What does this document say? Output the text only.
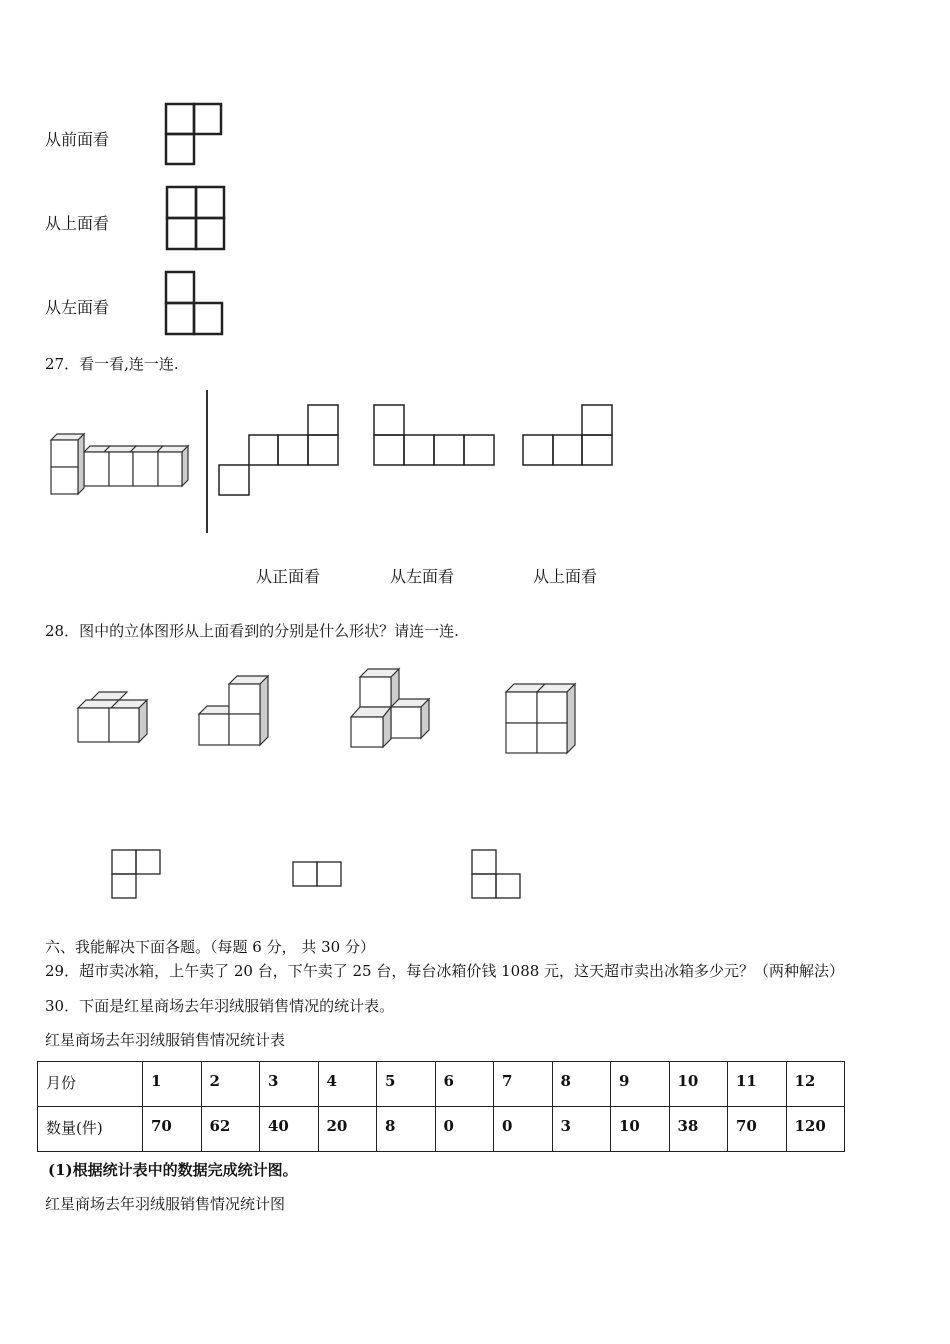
从前面看
从上面看
从左面看
27．看一看,连一连.
从正面看	从左面看	从上面看
28．图中的立体图形从上面看到的分别是什么形状？请连一连.
六、我能解决下面各题。（每题 6 分， 共 30 分）
29．超市卖冰箱，上午卖了 20 台，下午卖了 25 台，每台冰箱价钱 1088 元，这天超市卖出冰箱多少元？（两种解法）
30．下面是红星商场去年羽绒服销售情况的统计表。
红星商场去年羽绒服销售情况统计表
月份	1	2	3	4	5	6	7	8	9	10	11	12
数量(件)	70	62	40	20	8	0	0	3	10	38	70	120
(1)根据统计表中的数据完成统计图。
红星商场去年羽绒服销售情况统计图
